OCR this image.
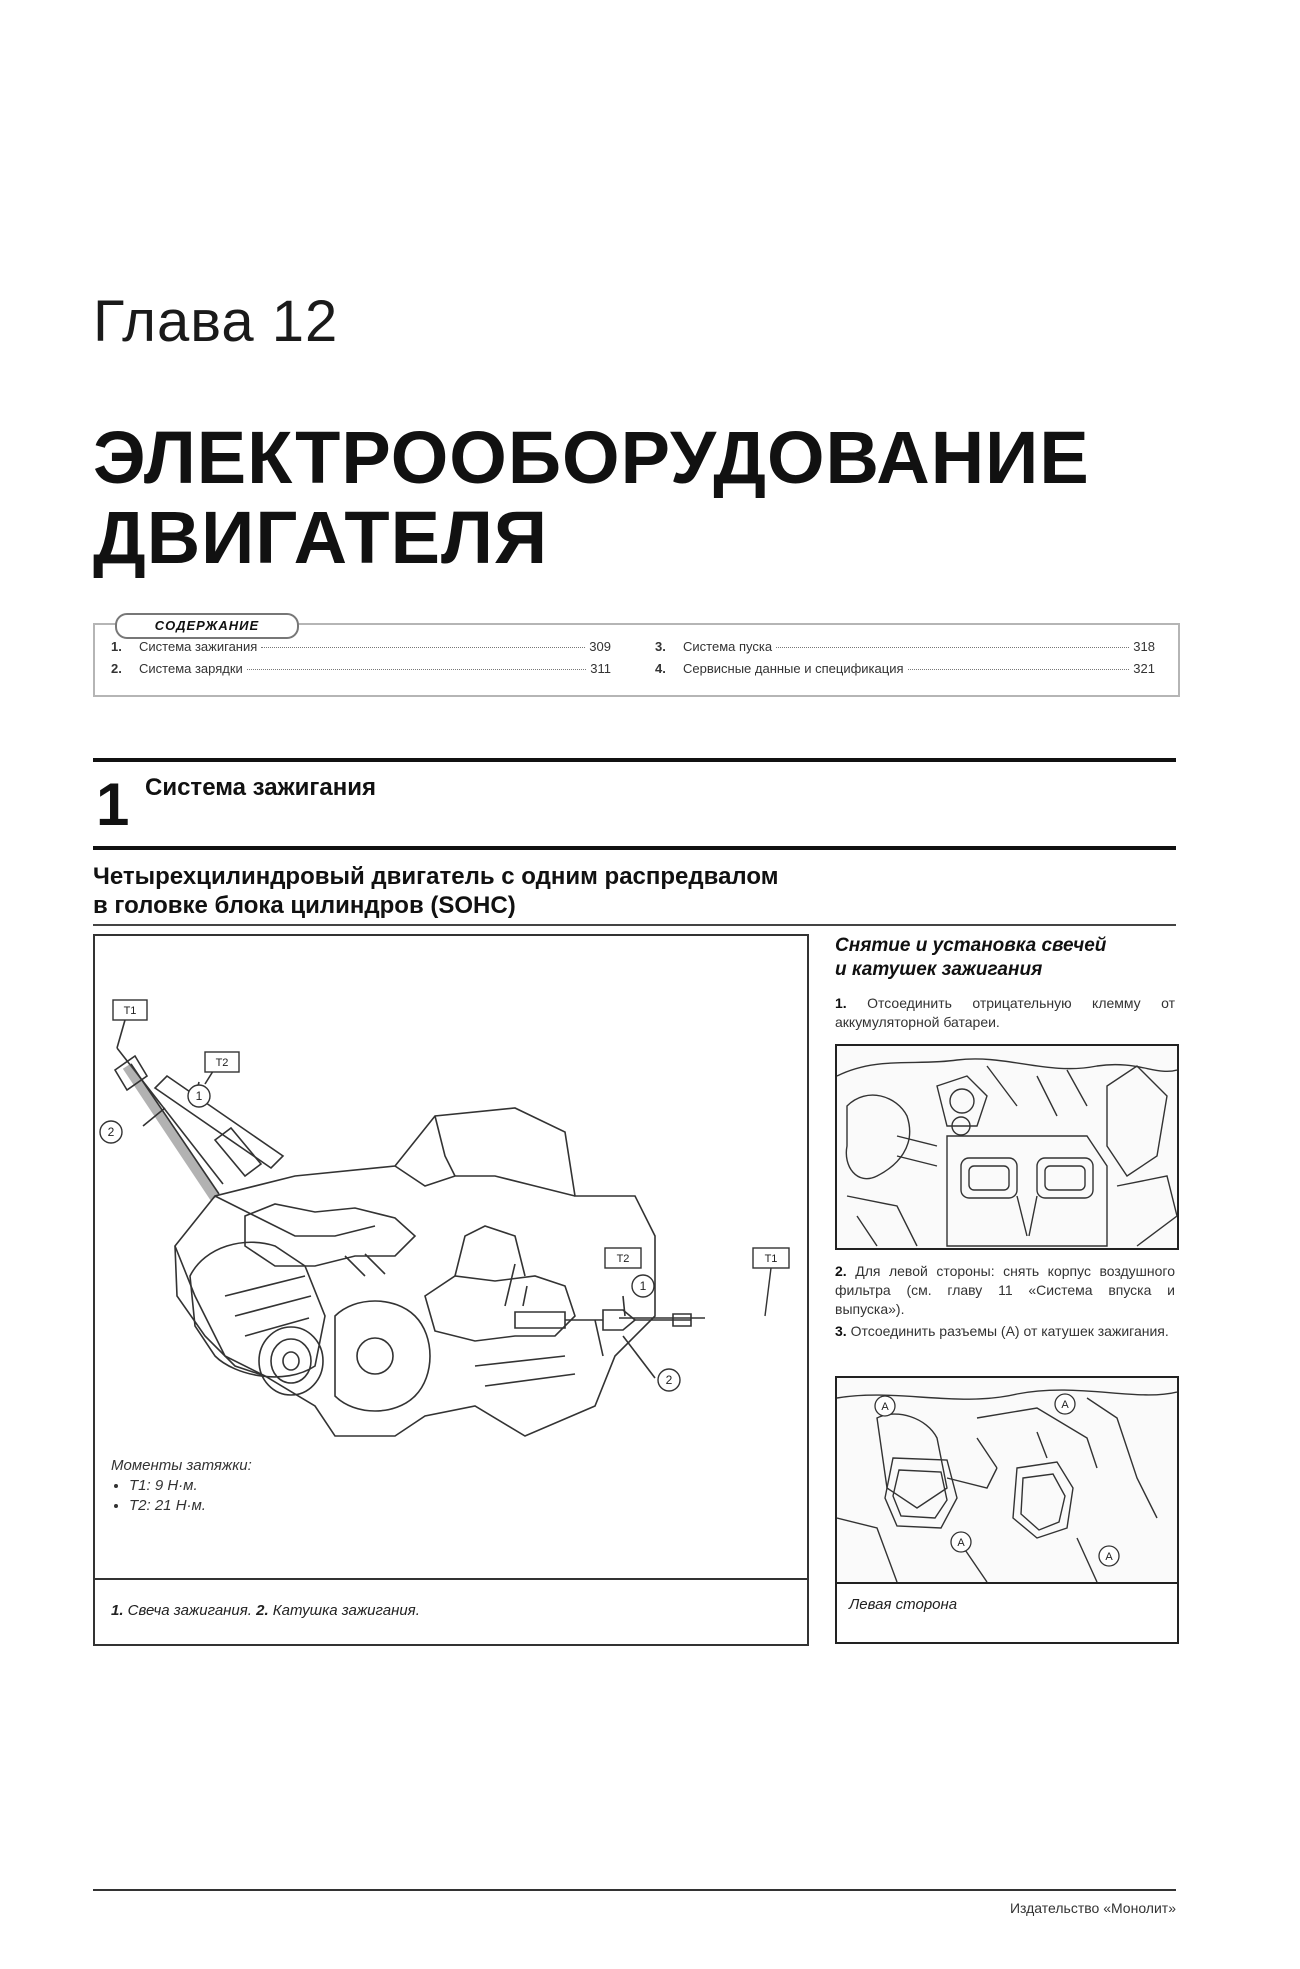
Глава 12
ЭЛЕКТРООБОРУДОВАНИЕ
ДВИГАТЕЛЯ
СОДЕРЖАНИЕ
1.	Система зажигания	309
2.	Система зарядки	311
3.	Система пуска	318
4.	Сервисные данные и спецификация	321
1 Система зажигания
Четырехцилиндровый двигатель с одним распредвалом
в головке блока цилиндров (SOHC)
T1
T2
1
2
T2	T1
1
2
Моменты затяжки:
• T1: 9 Н·м.
• T2: 21 Н·м.
1. Свеча зажигания. 2. Катушка зажигания.
Снятие и установка свечей
и катушек зажигания
1. Отсоединить отрицательную клемму от аккумуляторной батареи.
2. Для левой стороны: снять корпус воздушного фильтра (см. главу 11 «Система впуска и выпуска»).
3. Отсоединить разъемы (А) от катушек зажигания.
A	A
A
A
Левая сторона
Издательство «Монолит»
